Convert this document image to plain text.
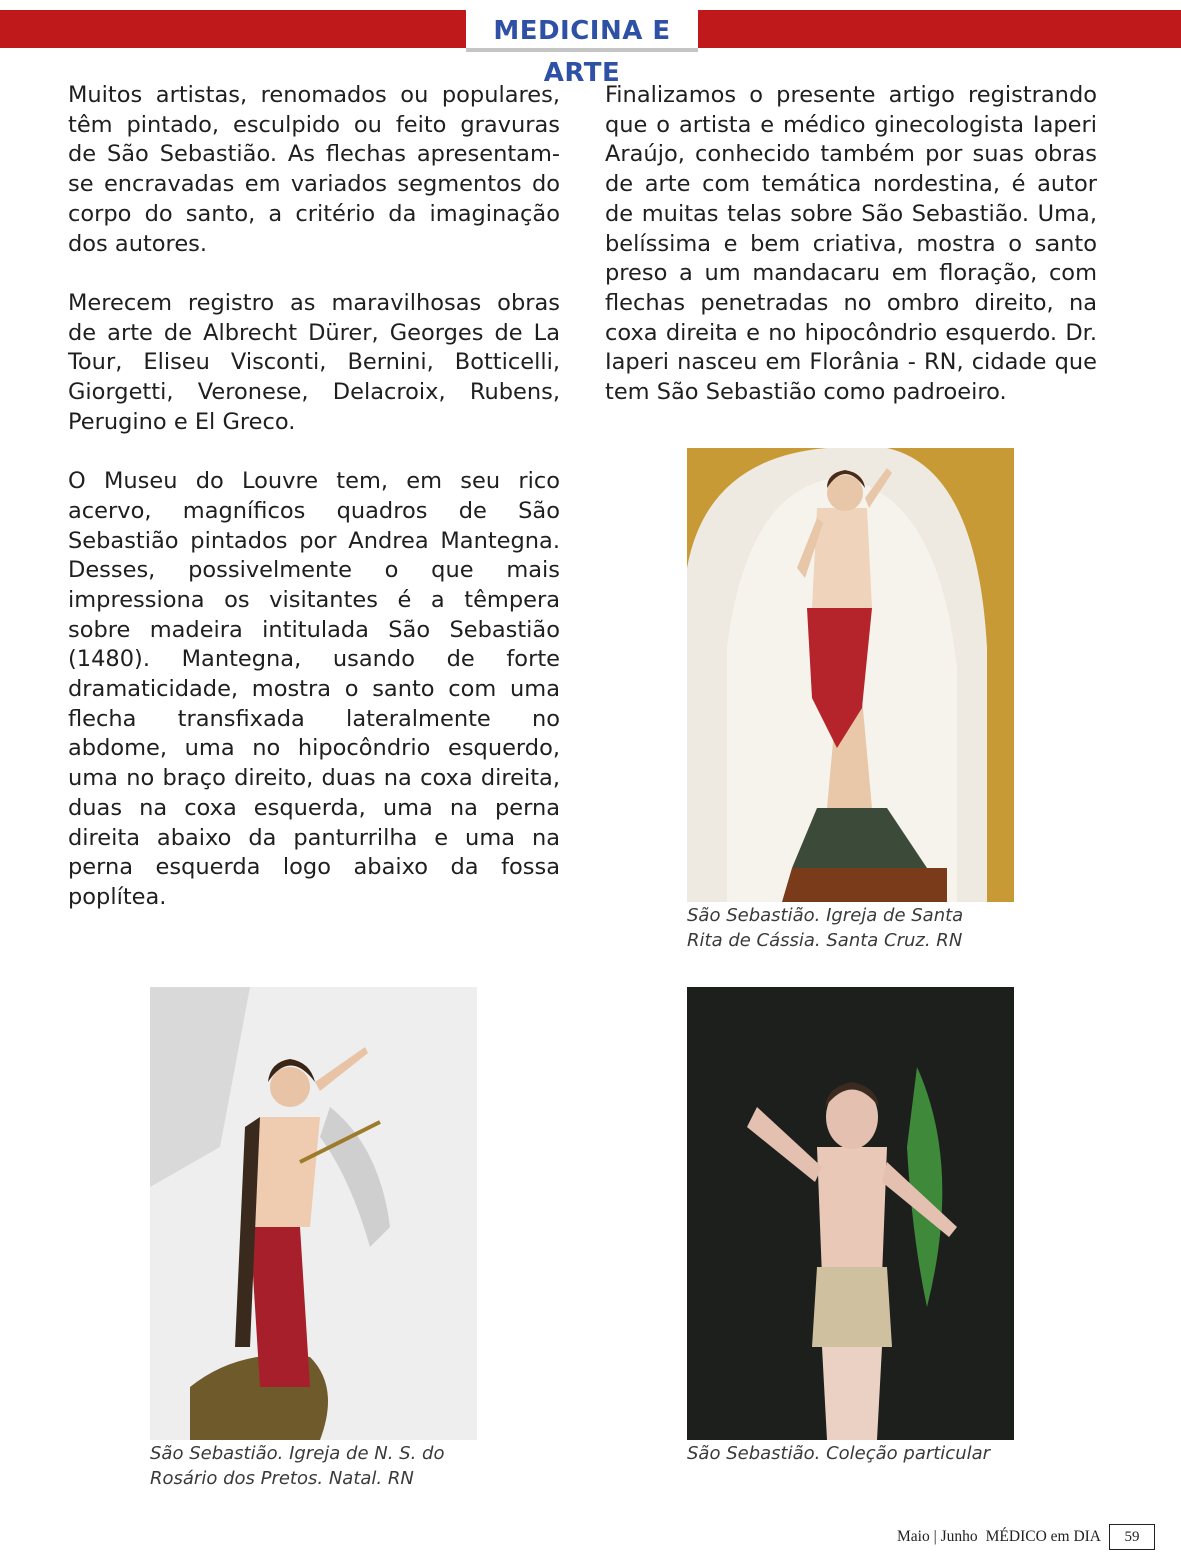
MEDICINA E ARTE

Muitos artistas, renomados ou populares, têm pintado, esculpido ou feito gravuras de São Sebastião. As flechas apresentam-se encravadas em variados segmentos do corpo do santo, a critério da imaginação dos autores.

Merecem registro as maravilhosas obras de arte de Albrecht Dürer, Georges de La Tour, Eliseu Visconti, Bernini, Botticelli, Giorgetti, Veronese, Delacroix, Rubens, Perugino e El Greco.

O Museu do Louvre tem, em seu rico acervo, magníficos quadros de São Sebastião pintados por Andrea Mantegna. Desses, possivelmente o que mais impressiona os visitantes é a têmpera sobre madeira intitulada São Sebastião (1480). Mantegna, usando de forte dramaticidade, mostra o santo com uma flecha transfixada lateralmente no abdome, uma no hipocôndrio esquerdo, uma no braço direito, duas na coxa direita, duas na coxa esquerda, uma na perna direita abaixo da panturrilha e uma na perna esquerda logo abaixo da fossa poplítea.

Finalizamos o presente artigo registrando que o artista e médico ginecologista Iaperi Araújo, conhecido também por suas obras de arte com temática nordestina, é autor de muitas telas sobre São Sebastião. Uma, belíssima e bem criativa, mostra o santo preso a um mandacaru em floração, com flechas penetradas no ombro direito, na coxa direita e no hipocôndrio esquerdo. Dr. Iaperi nasceu em Florânia - RN, cidade que tem São Sebastião como padroeiro.

São Sebastião. Igreja de Santa
Rita de Cássia. Santa Cruz. RN
São Sebastião. Igreja de N. S. do
Rosário dos Pretos. Natal. RN
São Sebastião. Coleção particular
Maio | Junho MÉDICO em DIA	59
